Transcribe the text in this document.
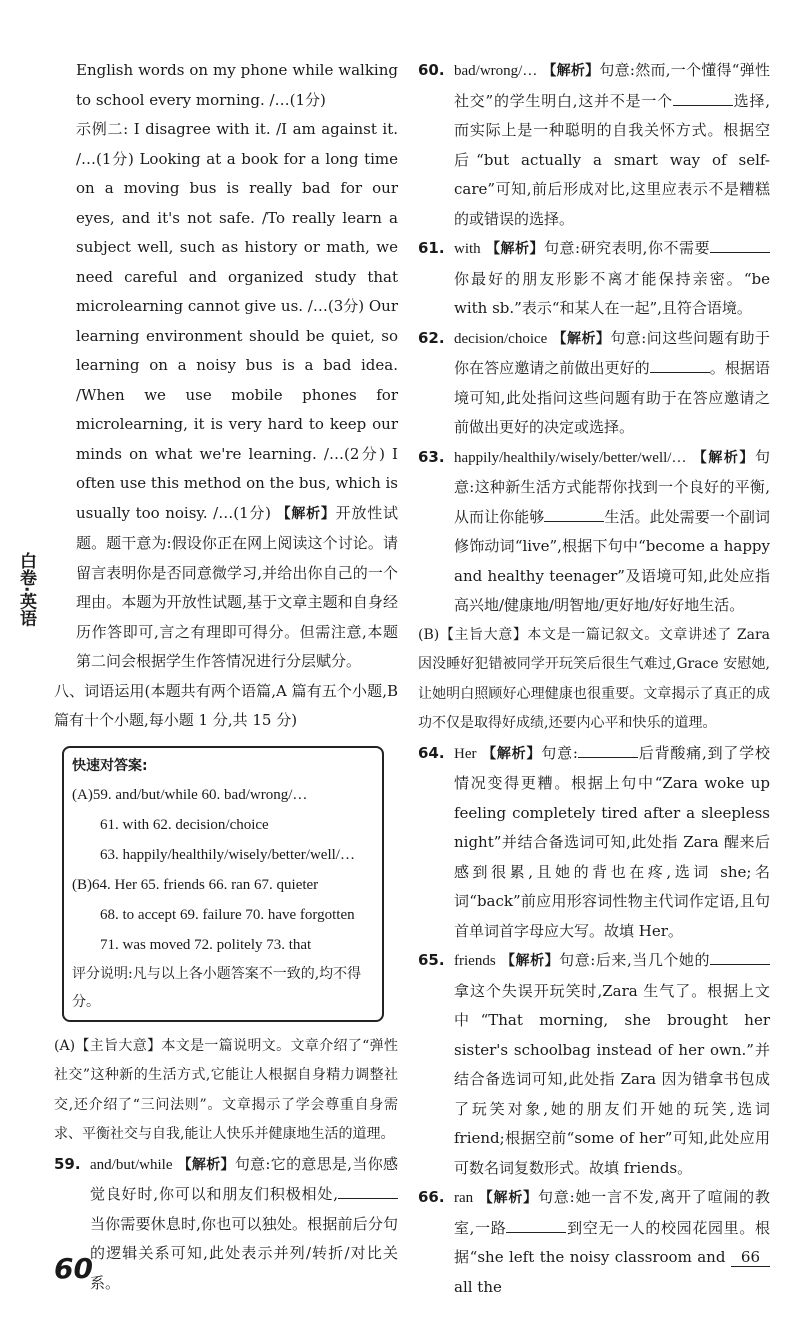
白卷·英语

English words on my phone while walking to school every morning. /…(1分)

示例二: I disagree with it. /I am against it. /…(1分) Looking at a book for a long time on a moving bus is really bad for our eyes, and it's not safe. /To really learn a subject well, such as history or math, we need careful and organized study that microlearning cannot give us. /…(3分) Our learning environment should be quiet, so learning on a noisy bus is a bad idea. /When we use mobile phones for microlearning, it is very hard to keep our minds on what we're learning. /…(2分) I often use this method on the bus, which is usually too noisy. /…(1分) 【解析】开放性试题。题干意为:假设你正在网上阅读这个讨论。请留言表明你是否同意微学习,并给出你自己的一个理由。本题为开放性试题,基于文章主题和自身经历作答即可,言之有理即可得分。但需注意,本题第二问会根据学生作答情况进行分层赋分。

八、词语运用(本题共有两个语篇,A 篇有五个小题,B 篇有十个小题,每小题 1 分,共 15 分)

快速对答案:
(A)59. and/but/while 60. bad/wrong/…
61. with 62. decision/choice
63. happily/healthily/wisely/better/well/…
(B)64. Her 65. friends 66. ran 67. quieter
68. to accept 69. failure 70. have forgotten
71. was moved 72. politely 73. that
评分说明:凡与以上各小题答案不一致的,均不得分。

(A)【主旨大意】本文是一篇说明文。文章介绍了“弹性社交”这种新的生活方式,它能让人根据自身精力调整社交,还介绍了“三问法则”。文章揭示了学会尊重自身需求、平衡社交与自我,能让人快乐并健康地生活的道理。

59. and/but/while 【解析】句意:它的意思是,当你感觉良好时,你可以和朋友们积极相处,当你需要休息时,你也可以独处。根据前后分句的逻辑关系可知,此处表示并列/转折/对比关系。
60. bad/wrong/… 【解析】句意:然而,一个懂得“弹性社交”的学生明白,这并不是一个	选择,而实际上是一种聪明的自我关怀方式。根据空后“but actually a smart way of self-care”可知,前后形成对比,这里应表示不是糟糕的或错误的选择。
61. with 【解析】句意:研究表明,你不需要你最好的朋友形影不离才能保持亲密。“be with sb.”表示“和某人在一起”,且符合语境。
62. decision/choice 【解析】句意:问这些问题有助于你在答应邀请之前做出更好的	。根据语境可知,此处指问这些问题有助于在答应邀请之前做出更好的决定或选择。
63. happily/healthily/wisely/better/well/… 【解析】句意:这种新生活方式能帮你找到一个良好的平衡,从而让你能够	生活。此处需要一个副词修饰动词“live”,根据下句中“become a happy and healthy teenager”及语境可知,此处应指高兴地/健康地/明智地/更好地/好好地生活。

(B)【主旨大意】本文是一篇记叙文。文章讲述了 Zara 因没睡好犯错被同学开玩笑后很生气难过,Grace 安慰她,让她明白照顾好心理健康也很重要。文章揭示了真正的成功不仅是取得好成绩,还要内心平和快乐的道理。

64. Her 【解析】句意:	后背酸痛,到了学校情况变得更糟。根据上句中“Zara woke up feeling completely tired after a sleepless night”并结合备选词可知,此处指 Zara 醒来后感到很累,且她的背也在疼,选词 she;名词“back”前应用形容词性物主代词作定语,且句首单词首字母应大写。故填 Her。
65. friends 【解析】句意:后来,当几个她的拿这个失误开玩笑时,Zara 生气了。根据上文中“That morning, she brought her sister's schoolbag instead of her own.”并结合备选词可知,此处指 Zara 因为错拿书包成了玩笑对象,她的朋友们开她的玩笑,选词 friend;根据空前“some of her”可知,此处应用可数名词复数形式。故填 friends。
66. ran 【解析】句意:她一言不发,离开了喧闹的教室,一路	到空无一人的校园花园里。根据“she left the noisy classroom and 66 all the
60
